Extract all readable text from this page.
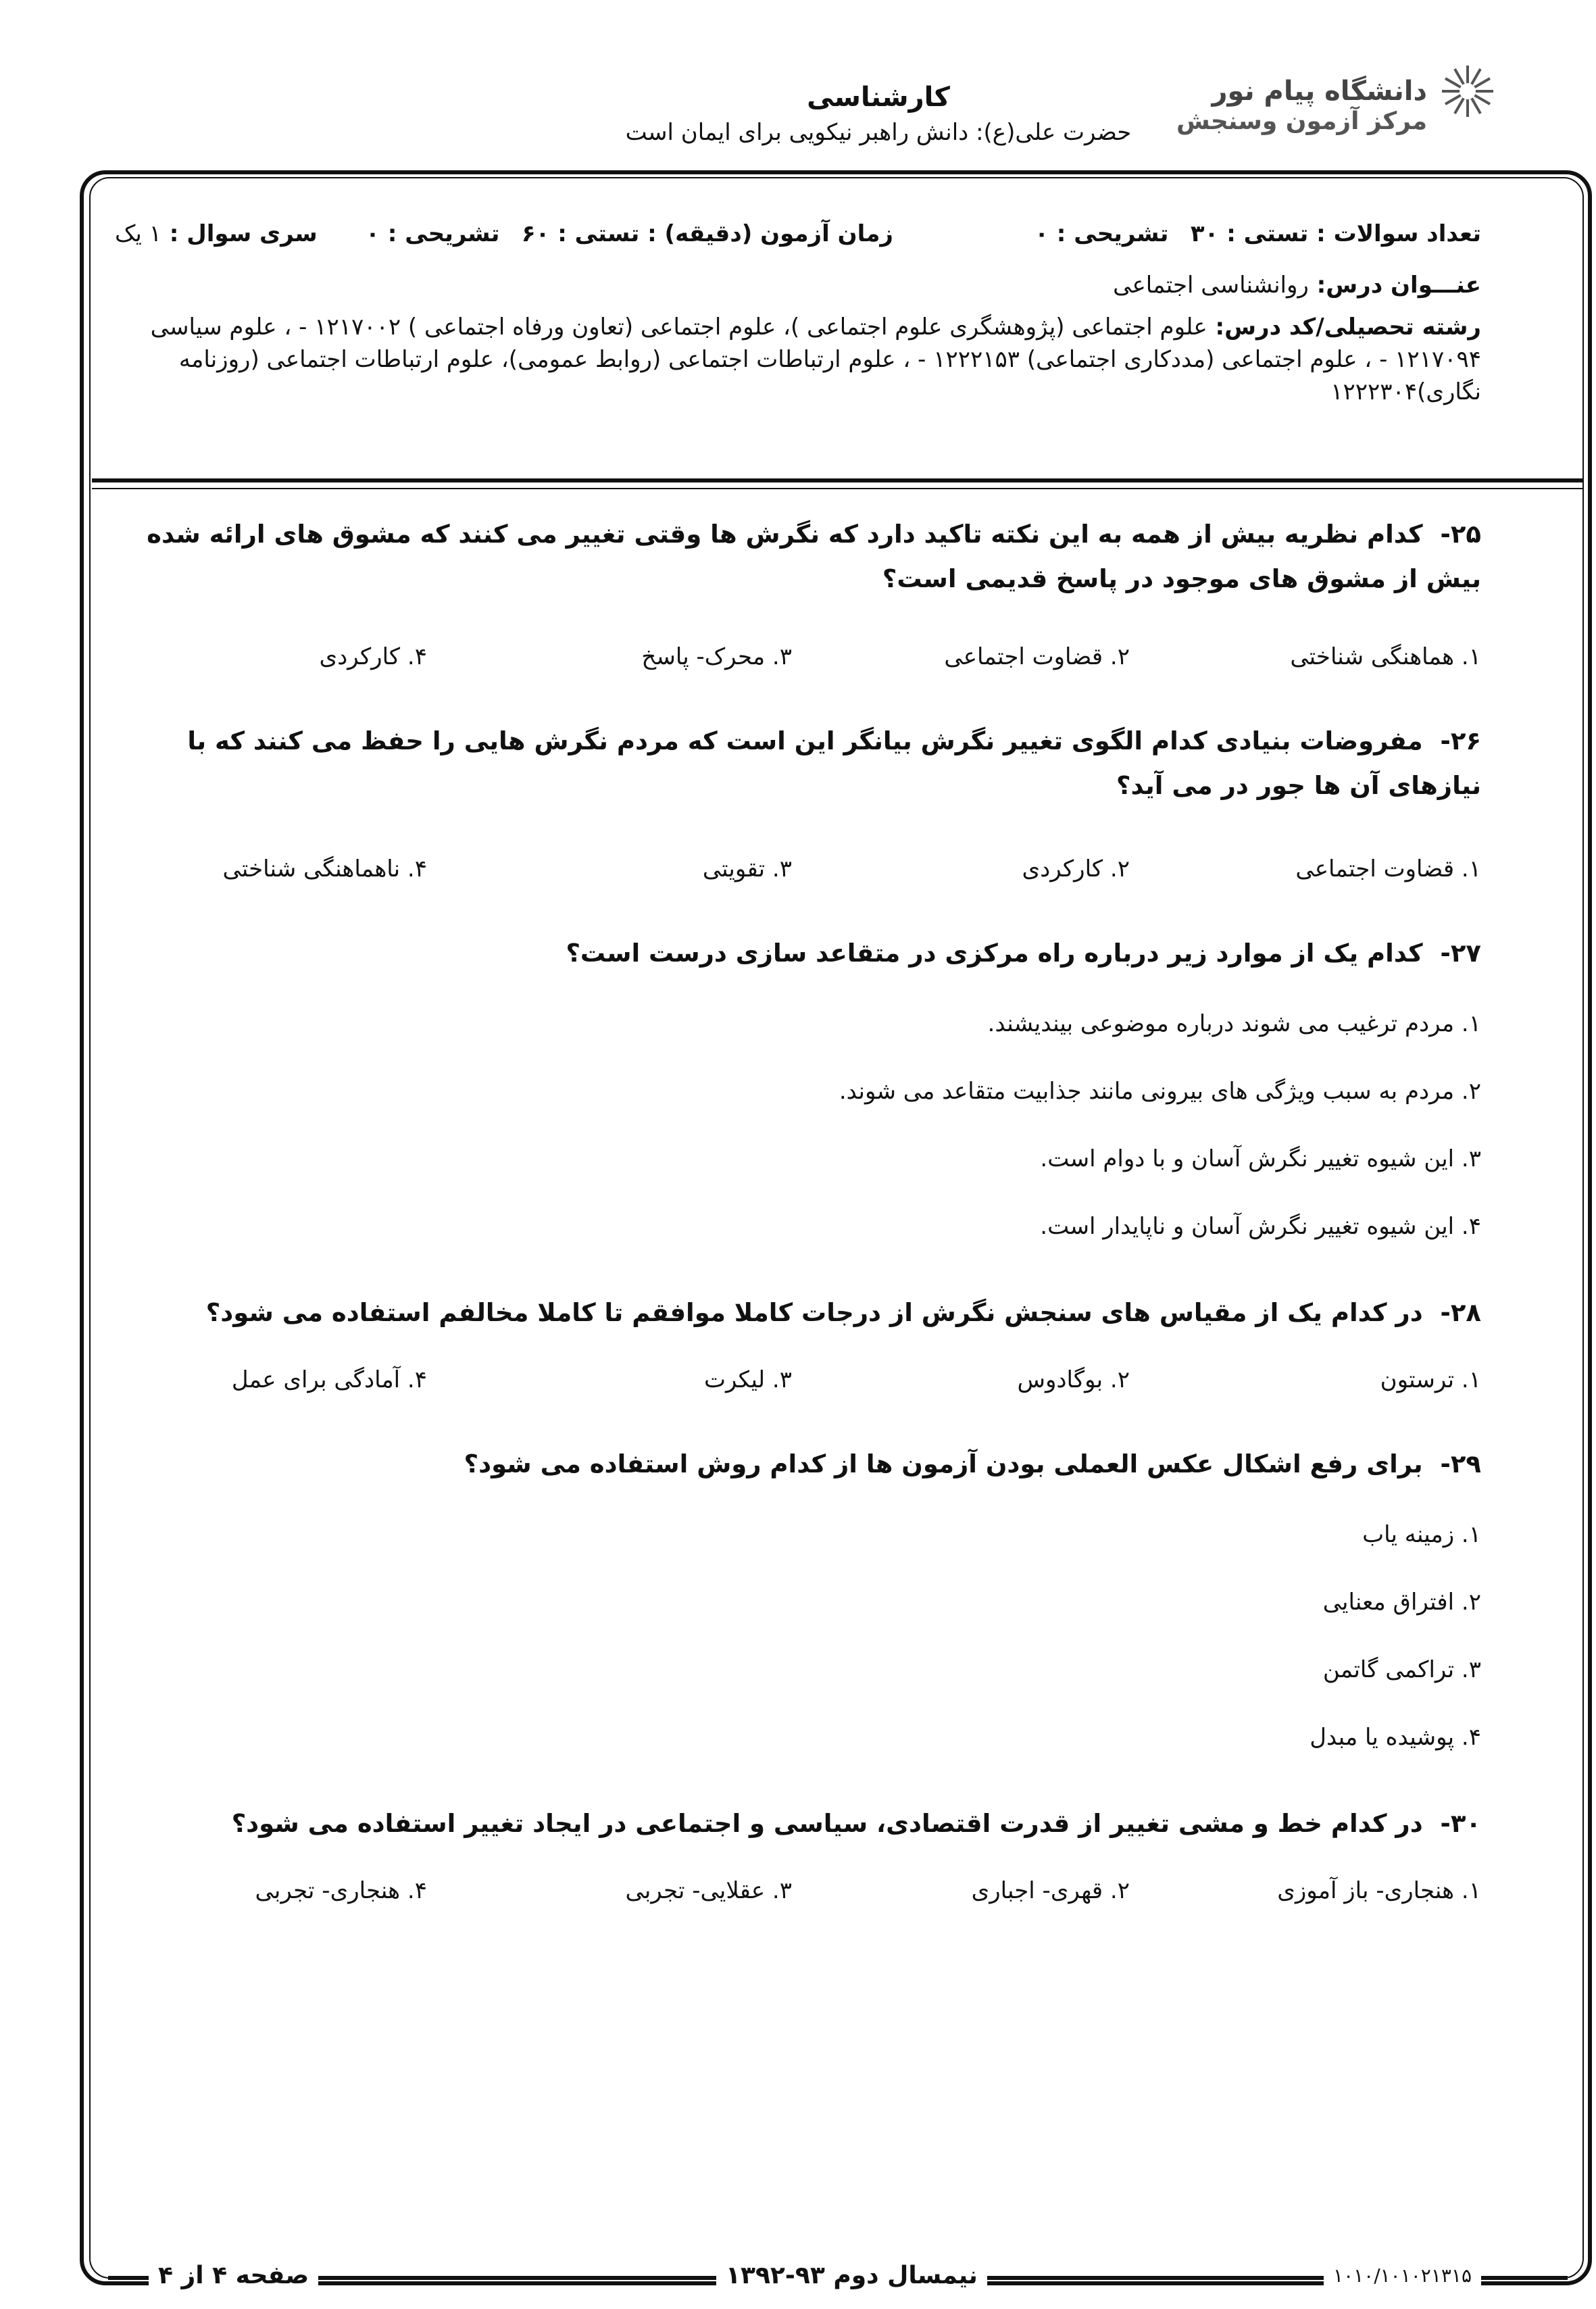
دانشگاه پیام نور
مرکز آزمون وسنجش
کارشناسی
حضرت علی(ع): دانش راهبر نیکویی برای ایمان است
تعداد سوالات : تستی : ۳۰   تشریحی : ۰
زمان آزمون (دقیقه) : تستی : ۶۰   تشریحی : ۰
سری سوال : ۱ یک
عنـــوان درس: روانشناسی اجتماعی
رشته تحصیلی/کد درس: علوم اجتماعی (پژوهشگری علوم اجتماعی )، علوم اجتماعی (تعاون ورفاه اجتماعی ) ۱۲۱۷۰۰۲ - ، علوم سیاسی ۱۲۱۷۰۹۴ - ، علوم اجتماعی (مددکاری اجتماعی) ۱۲۲۲۱۵۳ - ، علوم ارتباطات اجتماعی (روابط عمومی)، علوم ارتباطات اجتماعی (روزنامه نگاری)۱۲۲۲۳۰۴
۲۵-  کدام نظریه بیش از همه به این نکته تاکید دارد که نگرش ها وقتی تغییر می کنند که مشوق های ارائه شده بیش از مشوق های موجود در پاسخ قدیمی است؟
۱. هماهنگی شناختی
۲. قضاوت اجتماعی
۳. محرک- پاسخ
۴. کارکردی
۲۶-  مفروضات بنیادی کدام الگوی تغییر نگرش بیانگر این است که مردم نگرش هایی را حفظ می کنند که با نیازهای آن ها جور در می آید؟
۱. قضاوت اجتماعی
۲. کارکردی
۳. تقویتی
۴. ناهماهنگی شناختی
۲۷-  کدام یک از موارد زیر درباره راه مرکزی در متقاعد سازی درست است؟
۱. مردم ترغیب می شوند درباره موضوعی بیندیشند.
۲. مردم به سبب ویژگی های بیرونی مانند جذابیت متقاعد می شوند.
۳. این شیوه تغییر نگرش آسان و با دوام است.
۴. این شیوه تغییر نگرش آسان و ناپایدار است.
۲۸-  در کدام یک از مقیاس های سنجش نگرش از درجات کاملا موافقم تا کاملا مخالفم استفاده می شود؟
۱. ترستون
۲. بوگادوس
۳. لیکرت
۴. آمادگی برای عمل
۲۹-  برای رفع اشکال عکس العملی بودن آزمون ها از کدام روش استفاده می شود؟
۱. زمینه یاب
۲. افتراق معنایی
۳. تراکمی گاتمن
۴. پوشیده یا مبدل
۳۰-  در کدام خط و مشی تغییر از قدرت اقتصادی، سیاسی و اجتماعی در ایجاد تغییر استفاده می شود؟
۱. هنجاری- باز آموزی
۲. قهری- اجباری
۳. عقلایی- تجربی
۴. هنجاری- تجربی
صفحه ۴ از ۴	نیمسال دوم ۹۳-۱۳۹۲	۱۰۱۰/۱۰۱۰۲۱۳۱۵
